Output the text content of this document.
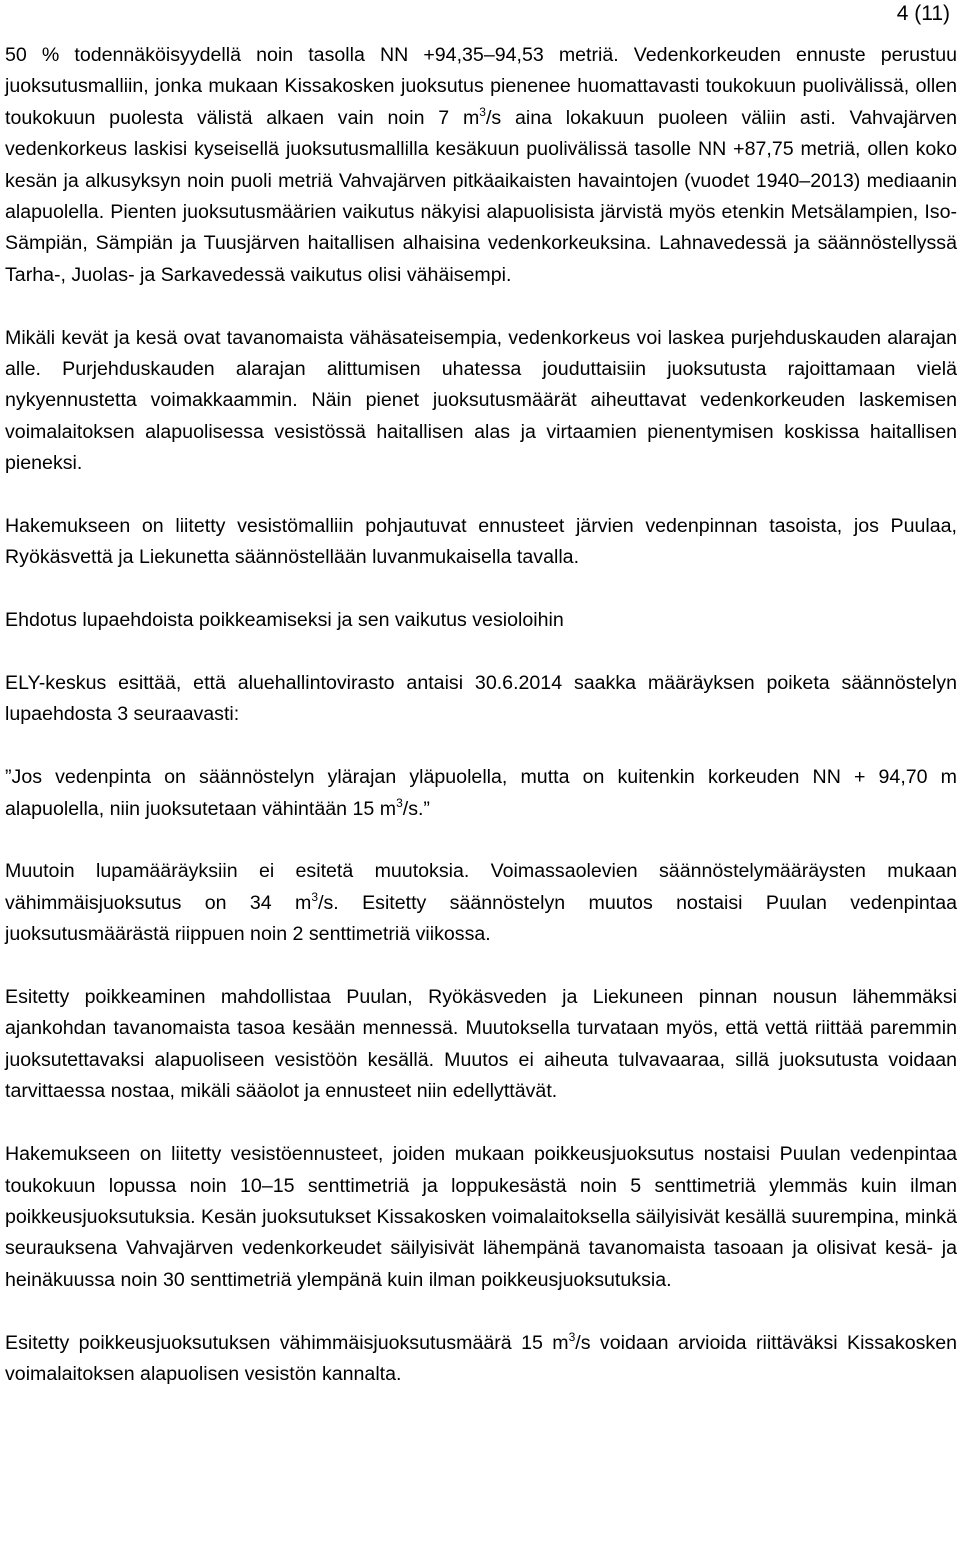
4 (11)

50 % todennäköisyydellä noin tasolla NN +94,35–94,53 metriä. Vedenkorkeuden ennuste perustuu juoksutusmalliin, jonka mukaan Kissakosken juoksutus pienenee huomattavasti toukokuun puolivälissä, ollen toukokuun puolesta välistä alkaen vain noin 7 $m^3/s$ aina lokakuun puoleen väliin asti. Vahvajärven vedenkorkeus laskisi kyseisellä juoksutusmallilla kesäkuun puolivälissä tasolle NN +87,75 metriä, ollen koko kesän ja alkusyksyn noin puoli metriä Vahvajärven pitkäaikaisten havaintojen (vuodet 1940–2013) mediaanin alapuolella. Pienten juoksutusmäärien vaikutus näkyisi alapuolisista järvistä myös etenkin Metsälampien, Iso-Sämpiän, Sämpiän ja Tuusjärven haitallisen alhaisina vedenkorkeuksina. Lahnavedessä ja säännöstellyssä Tarha-, Juolas- ja Sarkavedessä vaikutus olisi vähäisempi.

Mikäli kevät ja kesä ovat tavanomaista vähäsateisempia, vedenkorkeus voi laskea purjehduskauden alarajan alle. Purjehduskauden alarajan alittumisen uhatessa jouduttaisiin juoksutusta rajoittamaan vielä nykyennustetta voimakkaammin. Näin pienet juoksutusmäärät aiheuttavat vedenkorkeuden laskemisen voimalaitoksen alapuolisessa vesistössä haitallisen alas ja virtaamien pienentymisen koskissa haitallisen pieneksi.

Hakemukseen on liitetty vesistömalliin pohjautuvat ennusteet järvien vedenpinnan tasoista, jos Puulaa, Ryökäsvettä ja Liekunetta säännöstellään luvanmukaisella tavalla.

Ehdotus lupaehdoista poikkeamiseksi ja sen vaikutus vesioloihin

ELY-keskus esittää, että aluehallintovirasto antaisi 30.6.2014 saakka määräyksen poiketa säännöstelyn lupaehdosta 3 seuraavasti:

”Jos vedenpinta on säännöstelyn ylärajan yläpuolella, mutta on kuitenkin korkeuden NN + 94,70 m alapuolella, niin juoksutetaan vähintään 15 $m^3/s$.”

Muutoin lupamääräyksiin ei esitetä muutoksia. Voimassaolevien säännöstelymääräysten mukaan vähimmäisjuoksutus on 34 $m^3/s$. Esitetty säännöstelyn muutos nostaisi Puulan vedenpintaa juoksutusmäärästä riippuen noin 2 senttimetriä viikossa.

Esitetty poikkeaminen mahdollistaa Puulan, Ryökäsveden ja Liekuneen pinnan nousun lähemmäksi ajankohdan tavanomaista tasoa kesään mennessä. Muutoksella turvataan myös, että vettä riittää paremmin juoksutettavaksi alapuoliseen vesistöön kesällä. Muutos ei aiheuta tulvavaaraa, sillä juoksutusta voidaan tarvittaessa nostaa, mikäli sääolot ja ennusteet niin edellyttävät.

Hakemukseen on liitetty vesistöennusteet, joiden mukaan poikkeusjuoksutus nostaisi Puulan vedenpintaa toukokuun lopussa noin 10–15 senttimetriä ja loppukesästä noin 5 senttimetriä ylemmäs kuin ilman poikkeusjuoksutuksia. Kesän juoksutukset Kissakosken voimalaitoksella säilyisivät kesällä suurempina, minkä seurauksena Vahvajärven vedenkorkeudet säilyisivät lähempänä tavanomaista tasoaan ja olisivat kesä- ja heinäkuussa noin 30 senttimetriä ylempänä kuin ilman poikkeusjuoksutuksia.

Esitetty poikkeusjuoksutuksen vähimmäisjuoksutusmäärä 15 $m^3/s$ voidaan arvioida riittäväksi Kissakosken voimalaitoksen alapuolisen vesistön kannalta.
